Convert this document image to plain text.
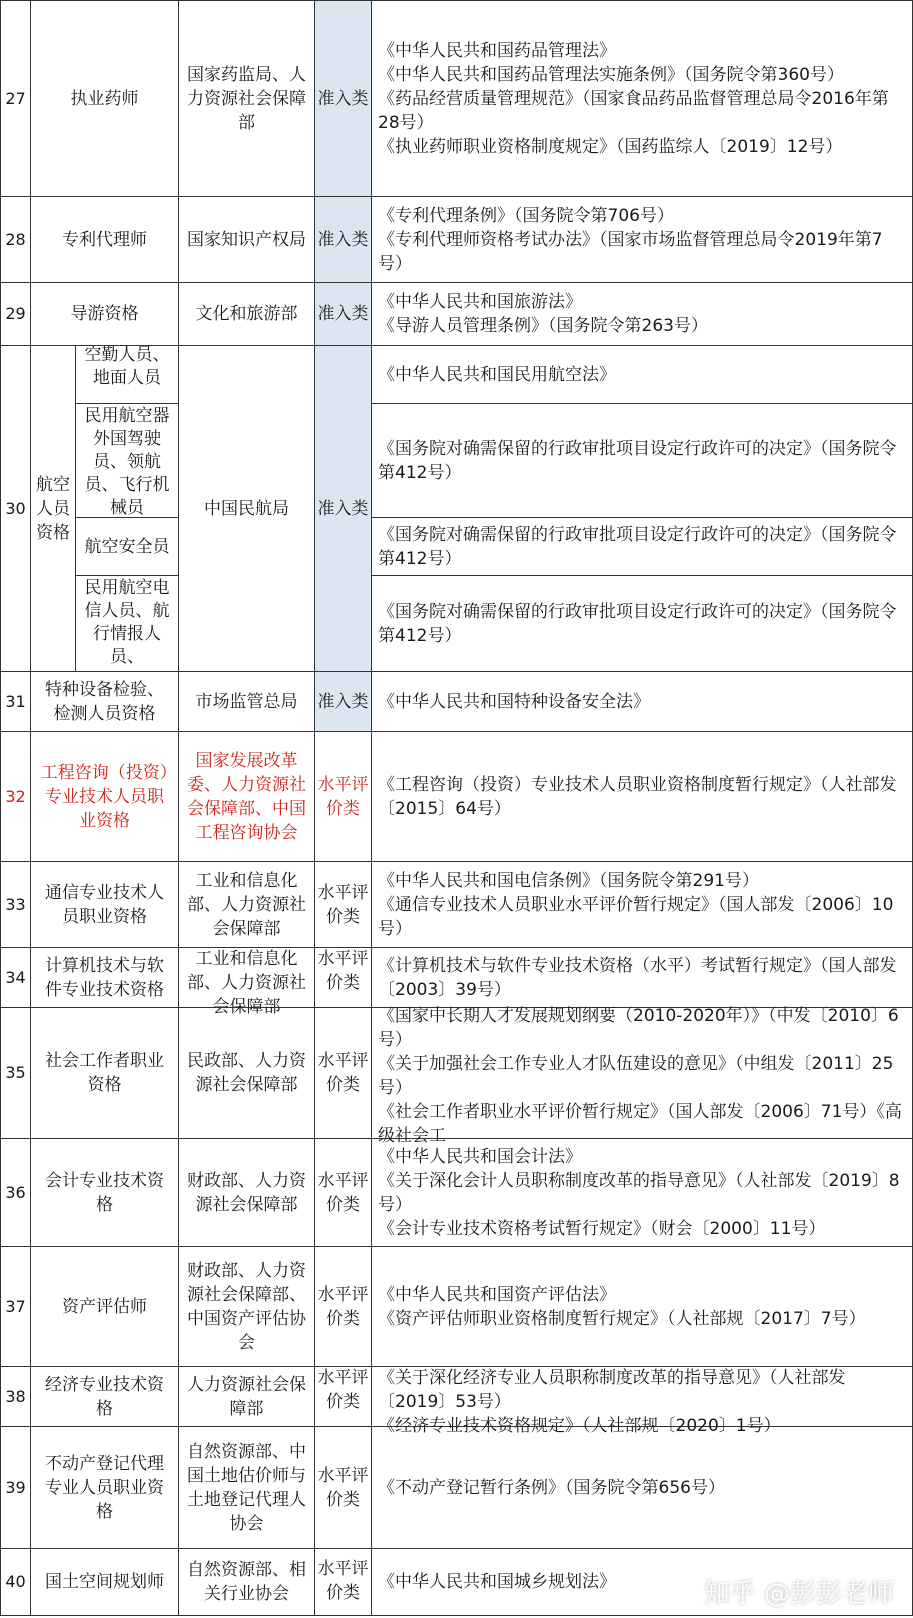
27	执业药师		国家药监局、人力资源社会保障部	准入类	《中华人民共和国药品管理法》
《中华人民共和国药品管理法实施条例》（国务院令第360号）
《药品经营质量管理规范》（国家食品药品监督管理总局令2016年第28号）
《执业药师职业资格制度规定》（国药监综人〔2019〕12号）

28	专利代理师		国家知识产权局	准入类	《专利代理条例》（国务院令第706号）
《专利代理师资格考试办法》（国家市场监督管理总局令2019年第7号）

29	导游资格		文化和旅游部	准入类	《中华人民共和国旅游法》
《导游人员管理条例》（国务院令第263号）

30	航空人员资格	空勤人员、地面人员	中国民航局	准入类	《中华人民共和国民用航空法》

		民用航空器外国驾驶员、领航员、飞行机械员			《国务院对确需保留的行政审批项目设定行政许可的决定》（国务院令第412号）

		航空安全员			《国务院对确需保留的行政审批项目设定行政许可的决定》（国务院令第412号）

		民用航空电信人员、航行情报人员、			《国务院对确需保留的行政审批项目设定行政许可的决定》（国务院令第412号）

31	特种设备检验、检测人员资格		市场监管总局	准入类	《中华人民共和国特种设备安全法》

32	工程咨询（投资）专业技术人员职业资格		国家发展改革委、人力资源社会保障部、中国工程咨询协会	水平评价类	《工程咨询（投资）专业技术人员职业资格制度暂行规定》（人社部发〔2015〕64号）

33	通信专业技术人员职业资格		工业和信息化部、人力资源社会保障部	水平评价类	《中华人民共和国电信条例》（国务院令第291号）
《通信专业技术人员职业水平评价暂行规定》（国人部发〔2006〕10号）

34	计算机技术与软件专业技术资格		工业和信息化部、人力资源社会保障部	水平评价类	《计算机技术与软件专业技术资格（水平）考试暂行规定》（国人部发〔2003〕39号）

35	社会工作者职业资格		民政部、人力资源社会保障部	水平评价类	《国家中长期人才发展规划纲要（2010-2020年）》（中发〔2010〕6号）
《关于加强社会工作专业人才队伍建设的意见》（中组发〔2011〕25号）
《社会工作者职业水平评价暂行规定》（国人部发〔2006〕71号）《高级社会工

36	会计专业技术资格		财政部、人力资源社会保障部	水平评价类	《中华人民共和国会计法》
《关于深化会计人员职称制度改革的指导意见》（人社部发〔2019〕8号）
《会计专业技术资格考试暂行规定》（财会〔2000〕11号）

37	资产评估师		财政部、人力资源社会保障部、中国资产评估协会	水平评价类	《中华人民共和国资产评估法》
《资产评估师职业资格制度暂行规定》（人社部规〔2017〕7号）

38	经济专业技术资格		人力资源社会保障部	水平评价类	《关于深化经济专业人员职称制度改革的指导意见》（人社部发〔2019〕53号）
《经济专业技术资格规定》（人社部规〔2020〕1号）

39	不动产登记代理专业人员职业资格		自然资源部、中国土地估价师与土地登记代理人协会	水平评价类	《不动产登记暂行条例》（国务院令第656号）

40	国土空间规划师		自然资源部、相关行业协会	水平评价类	《中华人民共和国城乡规划法》	知乎 @彭彭老师
